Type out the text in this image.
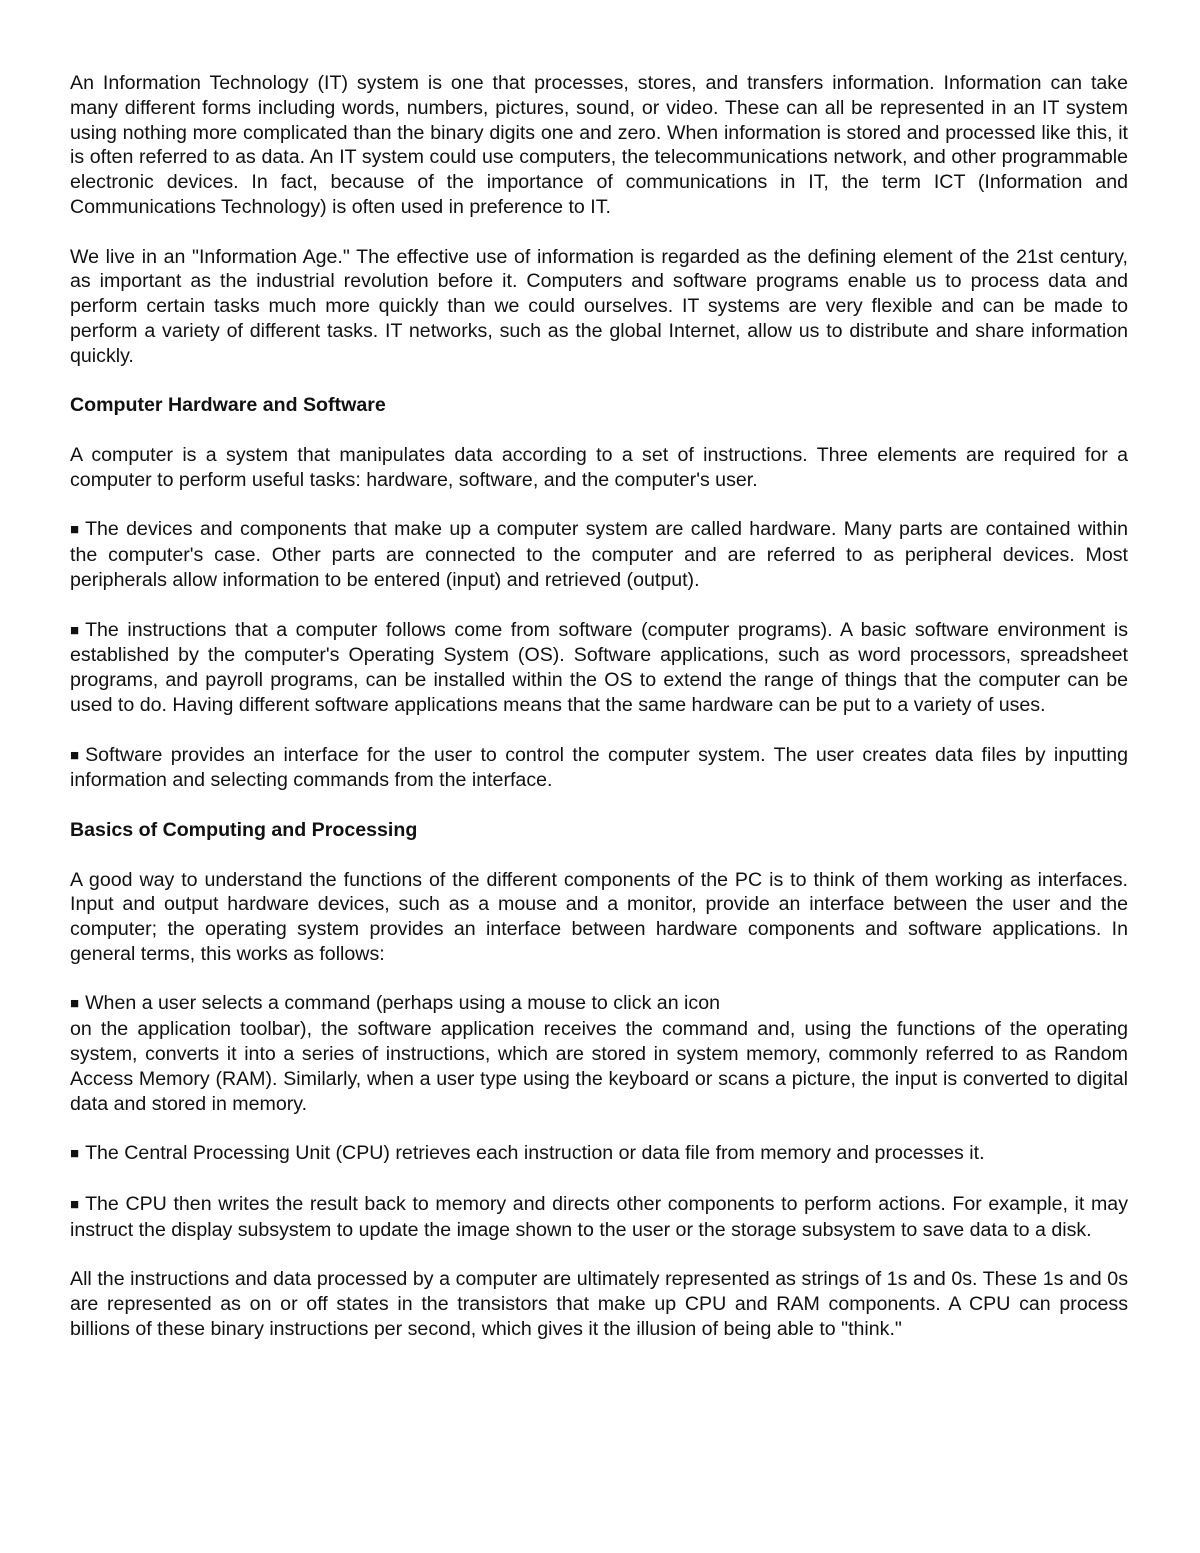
An Information Technology (IT) system is one that processes, stores, and transfers information. Information can take many different forms including words, numbers, pictures, sound, or video. These can all be represented in an IT system using nothing more complicated than the binary digits one and zero. When information is stored and processed like this, it is often referred to as data. An IT system could use computers, the telecommunications network, and other programmable electronic devices. In fact, because of the importance of communications in IT, the term ICT (Information and Communications Technology) is often used in preference to IT.

We live in an "Information Age." The effective use of information is regarded as the defining element of the 21st century, as important as the industrial revolution before it. Computers and software programs enable us to process data and perform certain tasks much more quickly than we could ourselves. IT systems are very flexible and can be made to perform a variety of different tasks. IT networks, such as the global Internet, allow us to distribute and share information quickly.

Computer Hardware and Software

A computer is a system that manipulates data according to a set of instructions. Three elements are required for a computer to perform useful tasks: hardware, software, and the computer's user.

■ The devices and components that make up a computer system are called hardware. Many parts are contained within the computer's case. Other parts are connected to the computer and are referred to as peripheral devices. Most peripherals allow information to be entered (input) and retrieved (output).

■ The instructions that a computer follows come from software (computer programs). A basic software environment is established by the computer's Operating System (OS). Software applications, such as word processors, spreadsheet programs, and payroll programs, can be installed within the OS to extend the range of things that the computer can be used to do. Having different software applications means that the same hardware can be put to a variety of uses.

■ Software provides an interface for the user to control the computer system. The user creates data files by inputting information and selecting commands from the interface.

Basics of Computing and Processing

A good way to understand the functions of the different components of the PC is to think of them working as interfaces. Input and output hardware devices, such as a mouse and a monitor, provide an interface between the user and the computer; the operating system provides an interface between hardware components and software applications. In general terms, this works as follows:

■ When a user selects a command (perhaps using a mouse to click an icon
on the application toolbar), the software application receives the command and, using the functions of the operating system, converts it into a series of instructions, which are stored in system memory, commonly referred to as Random Access Memory (RAM). Similarly, when a user type using the keyboard or scans a picture, the input is converted to digital data and stored in memory.

■ The Central Processing Unit (CPU) retrieves each instruction or data file from memory and processes it.

■ The CPU then writes the result back to memory and directs other components to perform actions. For example, it may instruct the display subsystem to update the image shown to the user or the storage subsystem to save data to a disk.

All the instructions and data processed by a computer are ultimately represented as strings of 1s and 0s. These 1s and 0s are represented as on or off states in the transistors that make up CPU and RAM components. A CPU can process billions of these binary instructions per second, which gives it the illusion of being able to "think."
